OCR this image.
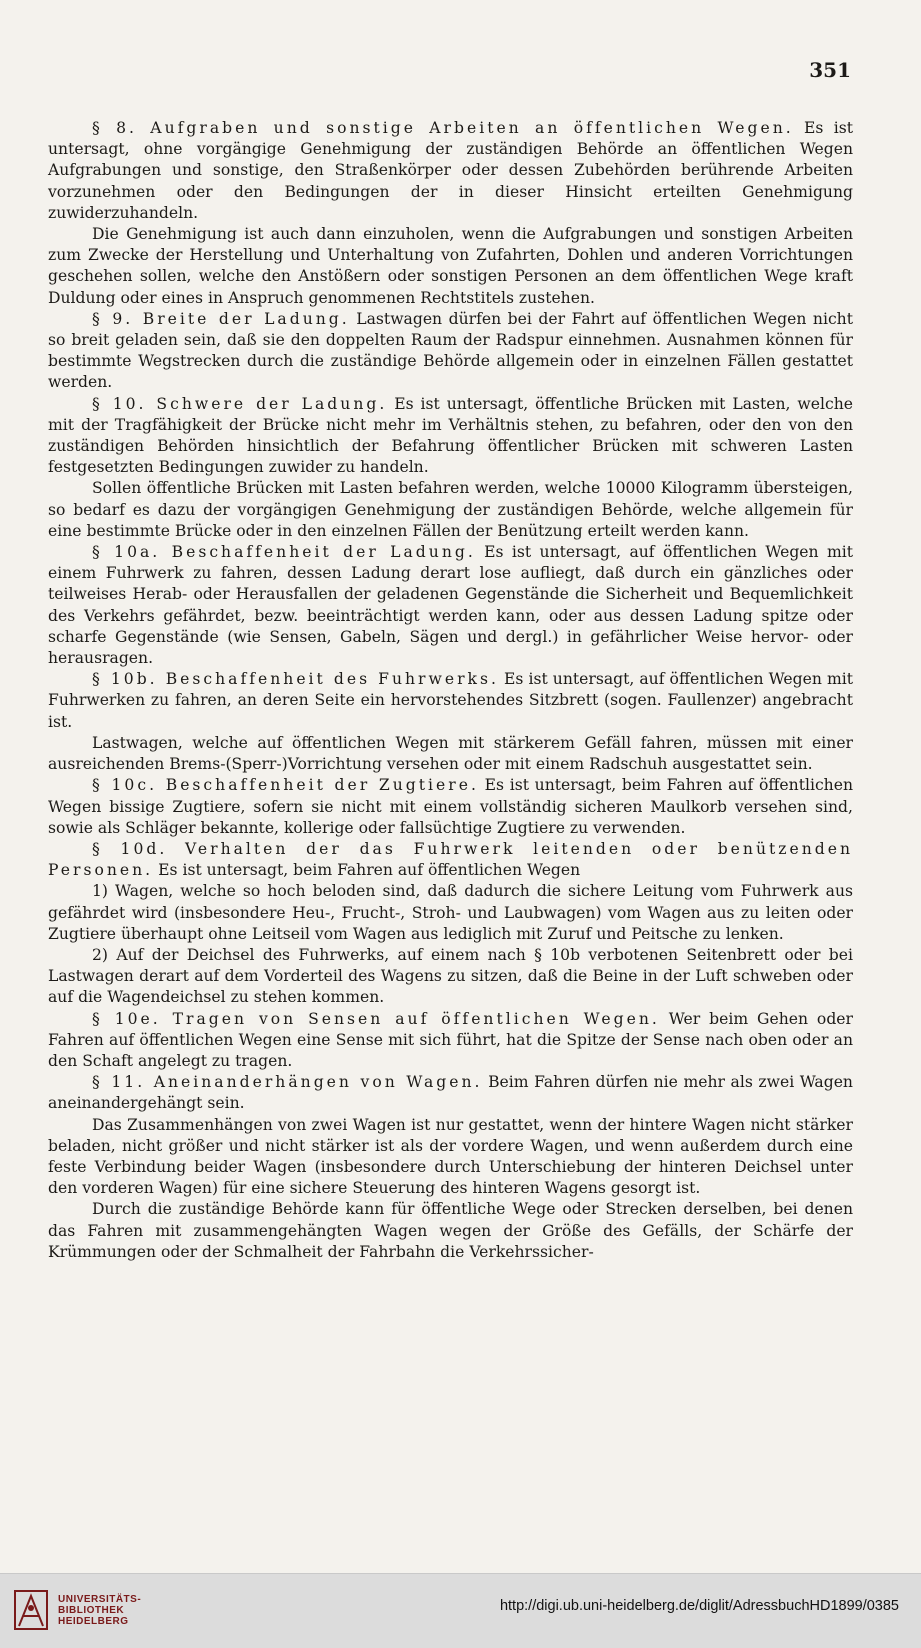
351

§ 8. Aufgraben und sonstige Arbeiten an öffentlichen Wegen. Es ist untersagt, ohne vorgängige Genehmigung der zuständigen Behörde an öffentlichen Wegen Aufgrabungen und sonstige, den Straßenkörper oder dessen Zubehörden berührende Arbeiten vorzunehmen oder den Bedingungen der in dieser Hinsicht erteilten Genehmigung zuwiderzuhandeln.

Die Genehmigung ist auch dann einzuholen, wenn die Aufgrabungen und sonstigen Arbeiten zum Zwecke der Herstellung und Unterhaltung von Zufahrten, Dohlen und anderen Vorrichtungen geschehen sollen, welche den Anstößern oder sonstigen Personen an dem öffentlichen Wege kraft Duldung oder eines in Anspruch genommenen Rechtstitels zustehen.

§ 9. Breite der Ladung. Lastwagen dürfen bei der Fahrt auf öffentlichen Wegen nicht so breit geladen sein, daß sie den doppelten Raum der Radspur einnehmen. Ausnahmen können für bestimmte Wegstrecken durch die zuständige Behörde allgemein oder in einzelnen Fällen gestattet werden.

§ 10. Schwere der Ladung. Es ist untersagt, öffentliche Brücken mit Lasten, welche mit der Tragfähigkeit der Brücke nicht mehr im Verhältnis stehen, zu befahren, oder den von den zuständigen Behörden hinsichtlich der Befahrung öffentlicher Brücken mit schweren Lasten festgesetzten Bedingungen zuwider zu handeln.

Sollen öffentliche Brücken mit Lasten befahren werden, welche 10000 Kilogramm übersteigen, so bedarf es dazu der vorgängigen Genehmigung der zuständigen Behörde, welche allgemein für eine bestimmte Brücke oder in den einzelnen Fällen der Benützung erteilt werden kann.

§ 10a. Beschaffenheit der Ladung. Es ist untersagt, auf öffentlichen Wegen mit einem Fuhrwerk zu fahren, dessen Ladung derart lose aufliegt, daß durch ein gänzliches oder teilweises Herab- oder Herausfallen der geladenen Gegenstände die Sicherheit und Bequemlichkeit des Verkehrs gefährdet, bezw. beeinträchtigt werden kann, oder aus dessen Ladung spitze oder scharfe Gegenstände (wie Sensen, Gabeln, Sägen und dergl.) in gefährlicher Weise hervor- oder herausragen.

§ 10b. Beschaffenheit des Fuhrwerks. Es ist untersagt, auf öffentlichen Wegen mit Fuhrwerken zu fahren, an deren Seite ein hervorstehendes Sitzbrett (sogen. Faullenzer) angebracht ist.

Lastwagen, welche auf öffentlichen Wegen mit stärkerem Gefäll fahren, müssen mit einer ausreichenden Brems-(Sperr-)Vorrichtung versehen oder mit einem Radschuh ausgestattet sein.

§ 10c. Beschaffenheit der Zugtiere. Es ist untersagt, beim Fahren auf öffentlichen Wegen bissige Zugtiere, sofern sie nicht mit einem vollständig sicheren Maulkorb versehen sind, sowie als Schläger bekannte, kollerige oder fallsüchtige Zugtiere zu verwenden.

§ 10d. Verhalten der das Fuhrwerk leitenden oder benützenden Personen. Es ist untersagt, beim Fahren auf öffentlichen Wegen

1) Wagen, welche so hoch beloden sind, daß dadurch die sichere Leitung vom Fuhrwerk aus gefährdet wird (insbesondere Heu-, Frucht-, Stroh- und Laubwagen) vom Wagen aus zu leiten oder Zugtiere überhaupt ohne Leitseil vom Wagen aus lediglich mit Zuruf und Peitsche zu lenken.

2) Auf der Deichsel des Fuhrwerks, auf einem nach § 10b verbotenen Seitenbrett oder bei Lastwagen derart auf dem Vorderteil des Wagens zu sitzen, daß die Beine in der Luft schweben oder auf die Wagendeichsel zu stehen kommen.

§ 10e. Tragen von Sensen auf öffentlichen Wegen. Wer beim Gehen oder Fahren auf öffentlichen Wegen eine Sense mit sich führt, hat die Spitze der Sense nach oben oder an den Schaft angelegt zu tragen.

§ 11. Aneinanderhängen von Wagen. Beim Fahren dürfen nie mehr als zwei Wagen aneinandergehängt sein.

Das Zusammenhängen von zwei Wagen ist nur gestattet, wenn der hintere Wagen nicht stärker beladen, nicht größer und nicht stärker ist als der vordere Wagen, und wenn außerdem durch eine feste Verbindung beider Wagen (insbesondere durch Unterschiebung der hinteren Deichsel unter den vorderen Wagen) für eine sichere Steuerung des hinteren Wagens gesorgt ist.

Durch die zuständige Behörde kann für öffentliche Wege oder Strecken derselben, bei denen das Fahren mit zusammengehängten Wagen wegen der Größe des Gefälls, der Schärfe der Krümmungen oder der Schmalheit der Fahrbahn die Verkehrssicher-

UNIVERSITÄTS-
BIBLIOTHEK
HEIDELBERG
http://digi.ub.uni-heidelberg.de/diglit/AdressbuchHD1899/0385
